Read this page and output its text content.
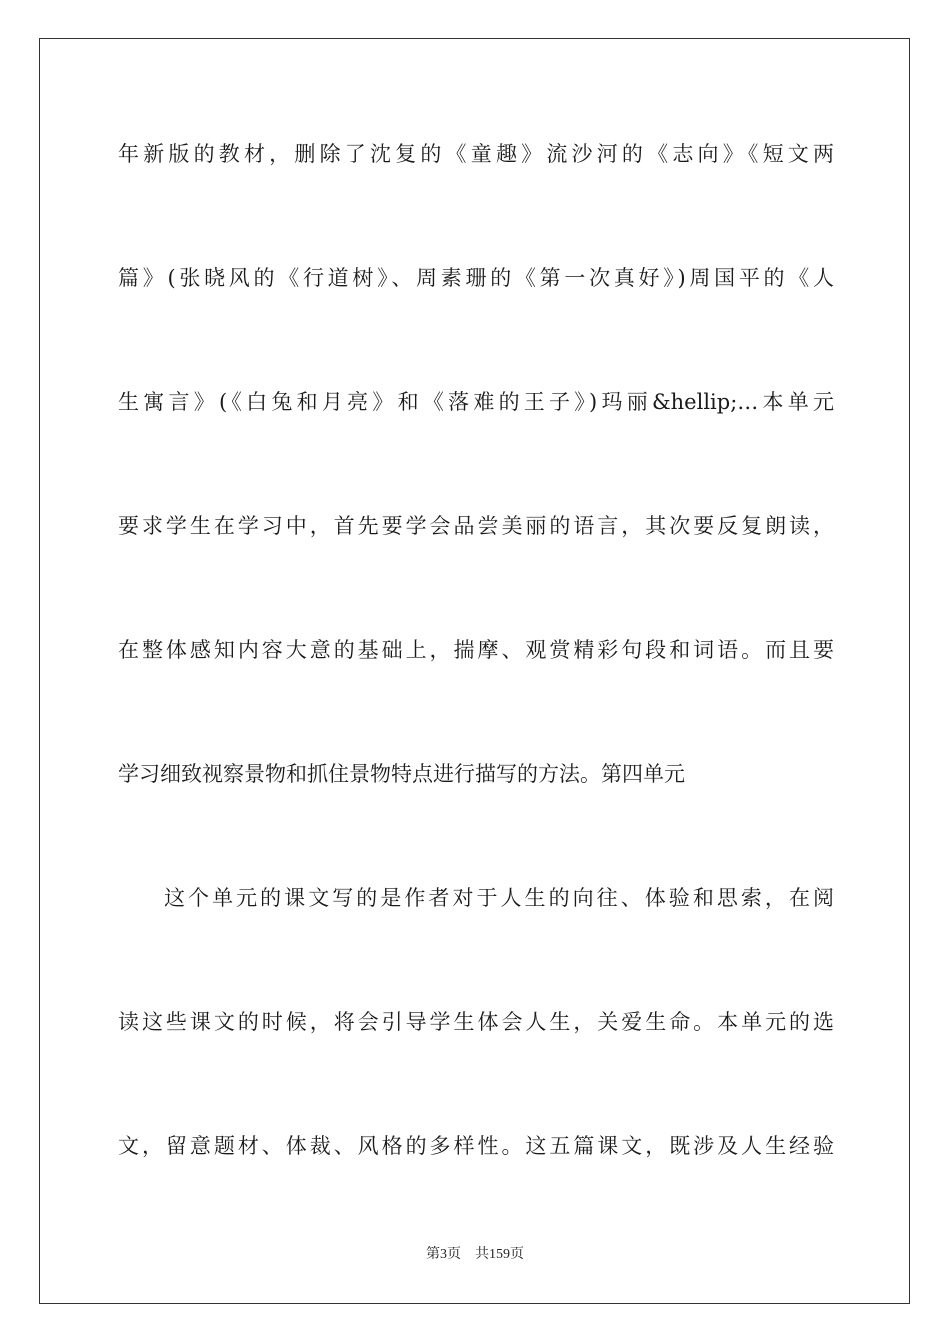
年新版的教材，删除了沈复的《童趣》流沙河的《志向》《短文两
篇》(张晓风的《行道树》、周素珊的《第一次真好》)周国平的《人
生寓言》(《白兔和月亮》和《落难的王子》)玛丽&hellip;…本单元
要求学生在学习中，首先要学会品尝美丽的语言，其次要反复朗读，
在整体感知内容大意的基础上，揣摩、观赏精彩句段和词语。而且要
学习细致视察景物和抓住景物特点进行描写的方法。第四单元
这个单元的课文写的是作者对于人生的向往、体验和思索，在阅
读这些课文的时候，将会引导学生体会人生，关爱生命。本单元的选
文，留意题材、体裁、风格的多样性。这五篇课文，既涉及人生经验
第3页 共159页
